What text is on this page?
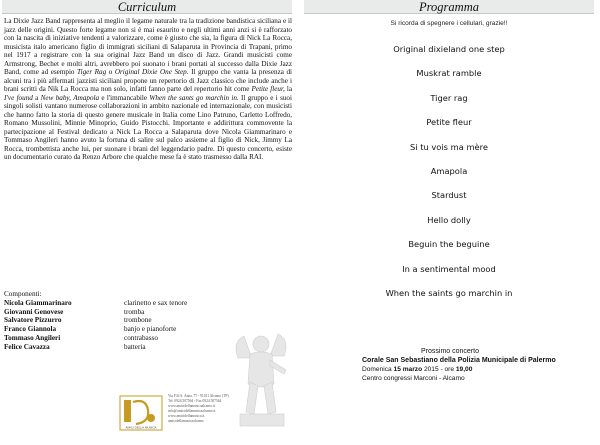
Curriculum

La Dixie Jazz Band rappresenta al meglio il legame naturale tra la tradizione bandistica siciliana e il jazz delle origini. Questo forte legame non si è mai esaurito e negli ultimi anni anzi si è rafforzato con la nascita di iniziative tendenti a valorizzare, come è giusto che sia, la figura di Nick La Rocca, musicista italo americano figlio di immigrati siciliani di Salaparuta in Provincia di Trapani, primo nel 1917 a registrare con la sua original Jazz Band un disco di Jazz. Grandi musicisti come Armstrong, Bechet e molti altri, avrebbero poi suonato i brani portati al successo dalla Dixie Jazz Band, come ad esempio Tiger Rag o Original Dixie One Step. Il gruppo che vanta la presenza di alcuni tra i più affermati jazzisti siciliani propone un repertorio di Jazz classico che include anche i brani scritti da Nik La Rocca ma non solo, infatti fanno parte del repertorio hit come Petite fleur, la I've found a New baby, Amapola e l'immancabile When the sants go marchin in. Il gruppo e i suoi singoli solisti vantano numerose collaborazioni in ambito nazionale ed internazionale, con musicisti che hanno fatto la storia di questo genere musicale in Italia come Lino Patruno, Carletto Loffredo, Romano Mussolini, Minnie Minoprio, Guido Pistocchi. Importante e addirittura commovente la partecipazione al Festival dedicato a Nick La Rocca a Salaparuta dove Nicola Giammarinaro e Tommaso Angileri hanno avuto la fortuna di salire sul palco assieme al figlio di Nick, Jimmy La Rocca, trombettista anche lui, per suonare i brani del leggendario padre. Di questo concerto, esiste un documentario curato da Renzo Arbore che qualche mese fa è stato trasmesso dalla RAI.

Componenti:
Nicola Giammarinaro	clarinetto e sax tenore
Giovanni Genovese	tromba
Salvatore Pizzurro	trombone
Franco Giannola	banjo e pianoforte
Tommaso Angileri	contrabasso
Felice Cavazza	batteria
AMICI DELLA MUSICA
Via F.lli S. Anna, 77 - 91011 Alcamo (TP)
Tel. 0924.507564 - Fax 0924.507564
www.amicidellamusicaalcamo.it
info@amicidellamusicaalcamo.it
www.amicidellamusica.it
amicidellamusicaalcamo
Programma
Si ricorda di spegnere i cellulari, grazie!!
Original dixieland one step
Muskrat ramble
Tiger rag
Petite fleur
Si tu vois ma mère
Amapola
Stardust
Hello dolly
Beguin the beguine
In a sentimental mood
When the saints go marchin in
Prossimo concerto
Corale San Sebastiano della Polizia Municipale di Palermo
Domenica 15 marzo 2015 - ore 19,00
Centro congressi Marconi - Alcamo
